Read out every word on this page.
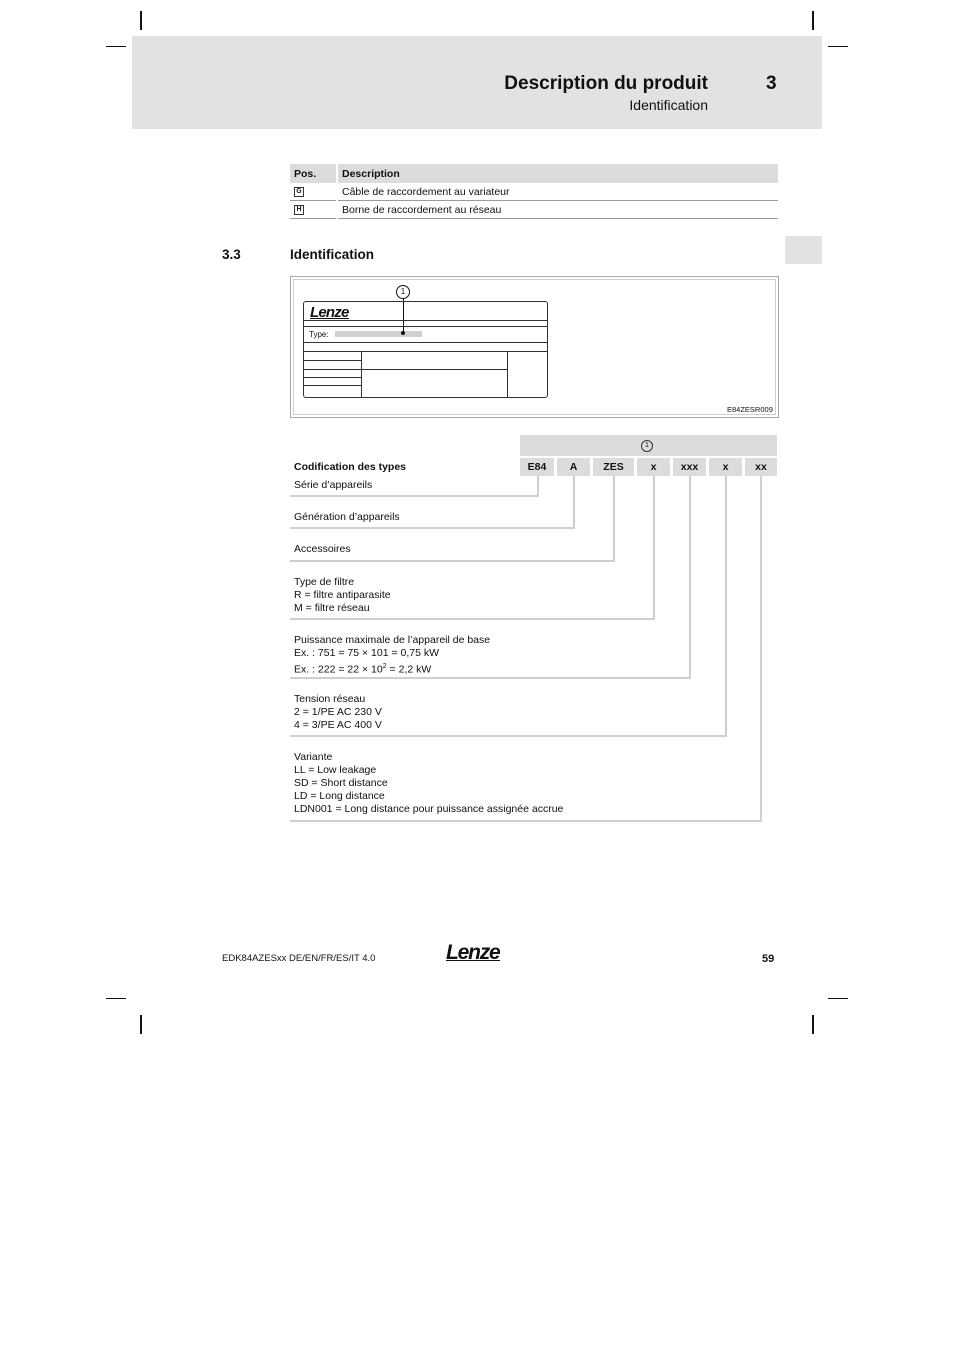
Description du produit	3
Identification
Pos.	Description
G	Câble de raccordement au variateur
H	Borne de raccordement au réseau
3.3	Identification
1
Lenze
Type:
E84ZESR009
1
Codification des types	E84	A	ZES	x	xxx	x	xx
Série d’appareils
Génération d’appareils
Accessoires
Type de filtre
R = filtre antiparasite
M = filtre réseau
Puissance maximale de l’appareil de base
Ex. : 751 = 75 × 101 = 0,75 kW
Ex. : $222 = 22 \times 10^2 = 2,2$ kW
Tension réseau
2 = 1/PE AC 230 V
4 = 3/PE AC 400 V
Variante
LL = Low leakage
SD = Short distance
LD = Long distance
LDN001 = Long distance pour puissance assignée accrue
EDK84AZESxx DE/EN/FR/ES/IT 4.0	Lenze	59
